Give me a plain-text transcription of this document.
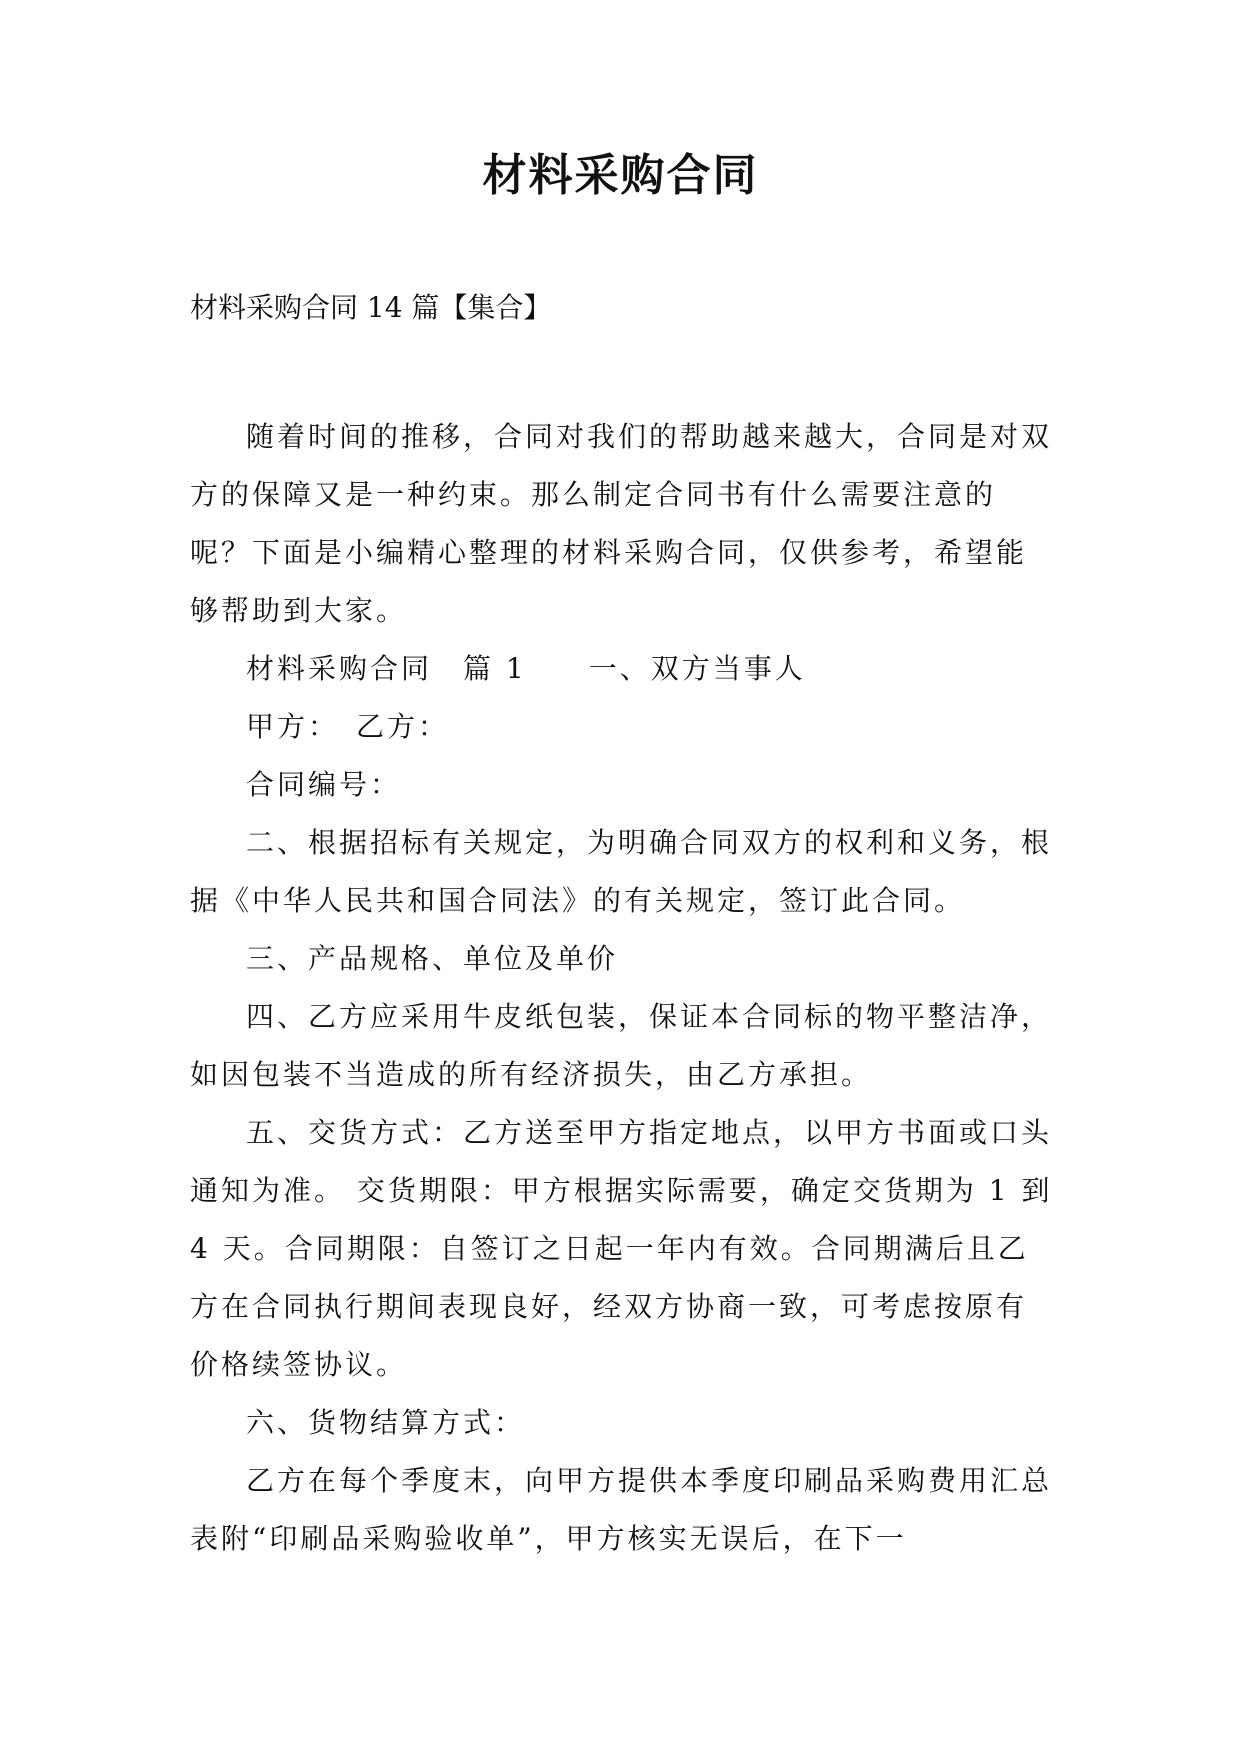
材料采购合同
材料采购合同 14 篇【集合】

随着时间的推移，合同对我们的帮助越来越大，合同是对双方的保障又是一种约束。那么制定合同书有什么需要注意的呢？下面是小编精心整理的材料采购合同，仅供参考，希望能够帮助到大家。

材料采购合同　篇 1　　一、双方当事人

甲方：　乙方：

合同编号：

二、根据招标有关规定，为明确合同双方的权利和义务，根据《中华人民共和国合同法》的有关规定，签订此合同。

三、产品规格、单位及单价

四、乙方应采用牛皮纸包装，保证本合同标的物平整洁净，如因包装不当造成的所有经济损失，由乙方承担。

五、交货方式：乙方送至甲方指定地点，以甲方书面或口头通知为准。 交货期限：甲方根据实际需要，确定交货期为 1 到 4 天。合同期限：自签订之日起一年内有效。合同期满后且乙方在合同执行期间表现良好，经双方协商一致，可考虑按原有价格续签协议。

六、货物结算方式：

乙方在每个季度末，向甲方提供本季度印刷品采购费用汇总表附“印刷品采购验收单”，甲方核实无误后，在下一
